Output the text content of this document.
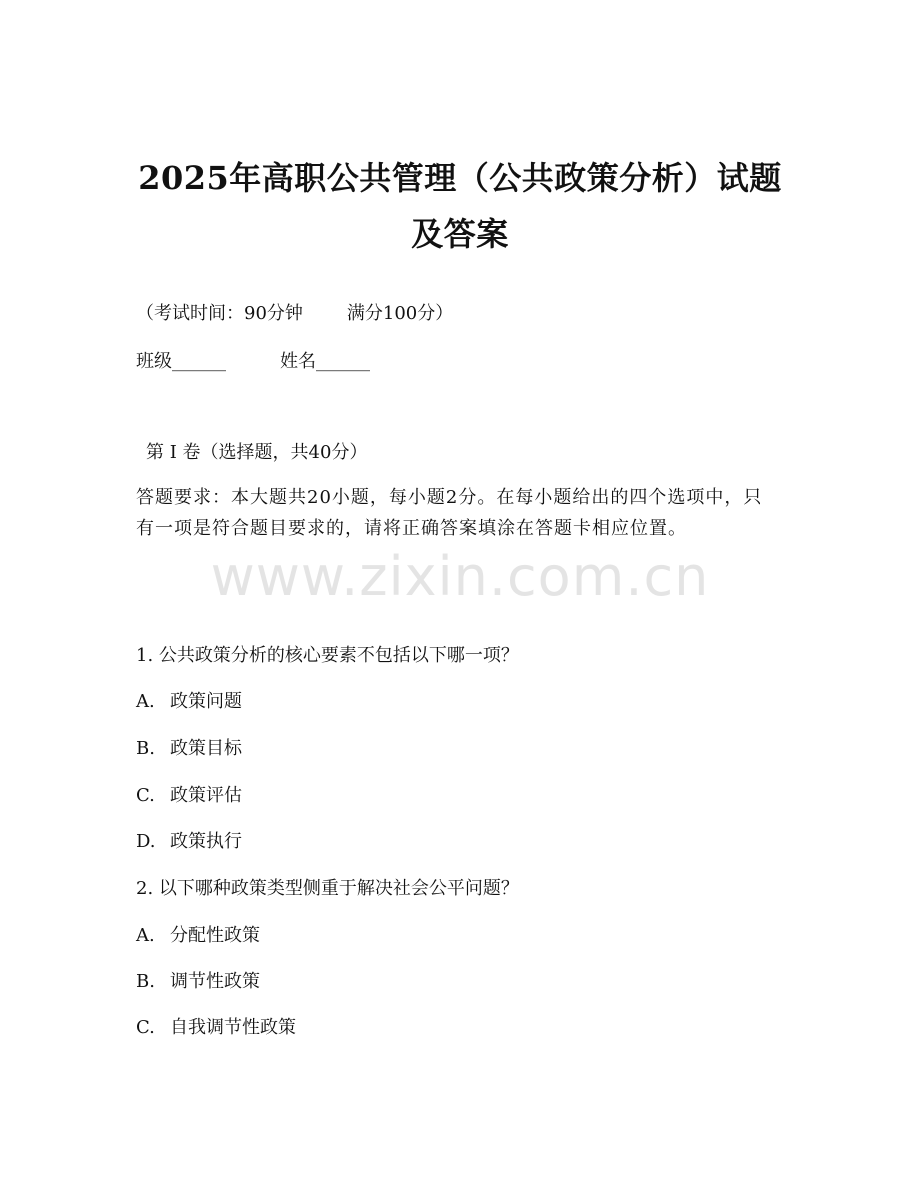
2025年高职公共管理（公共政策分析）试题
及答案
（考试时间：90分钟 满分100分）
班级______	姓名______
第 I 卷（选择题，共40分）
答题要求：本大题共20小题，每小题2分。在每小题给出的四个选项中，只有一项是符合题目要求的，请将正确答案填涂在答题卡相应位置。
www.zixin.com.cn
1. 公共政策分析的核心要素不包括以下哪一项？
A. 政策问题
B. 政策目标
C. 政策评估
D. 政策执行
2. 以下哪种政策类型侧重于解决社会公平问题？
A. 分配性政策
B. 调节性政策
C. 自我调节性政策
